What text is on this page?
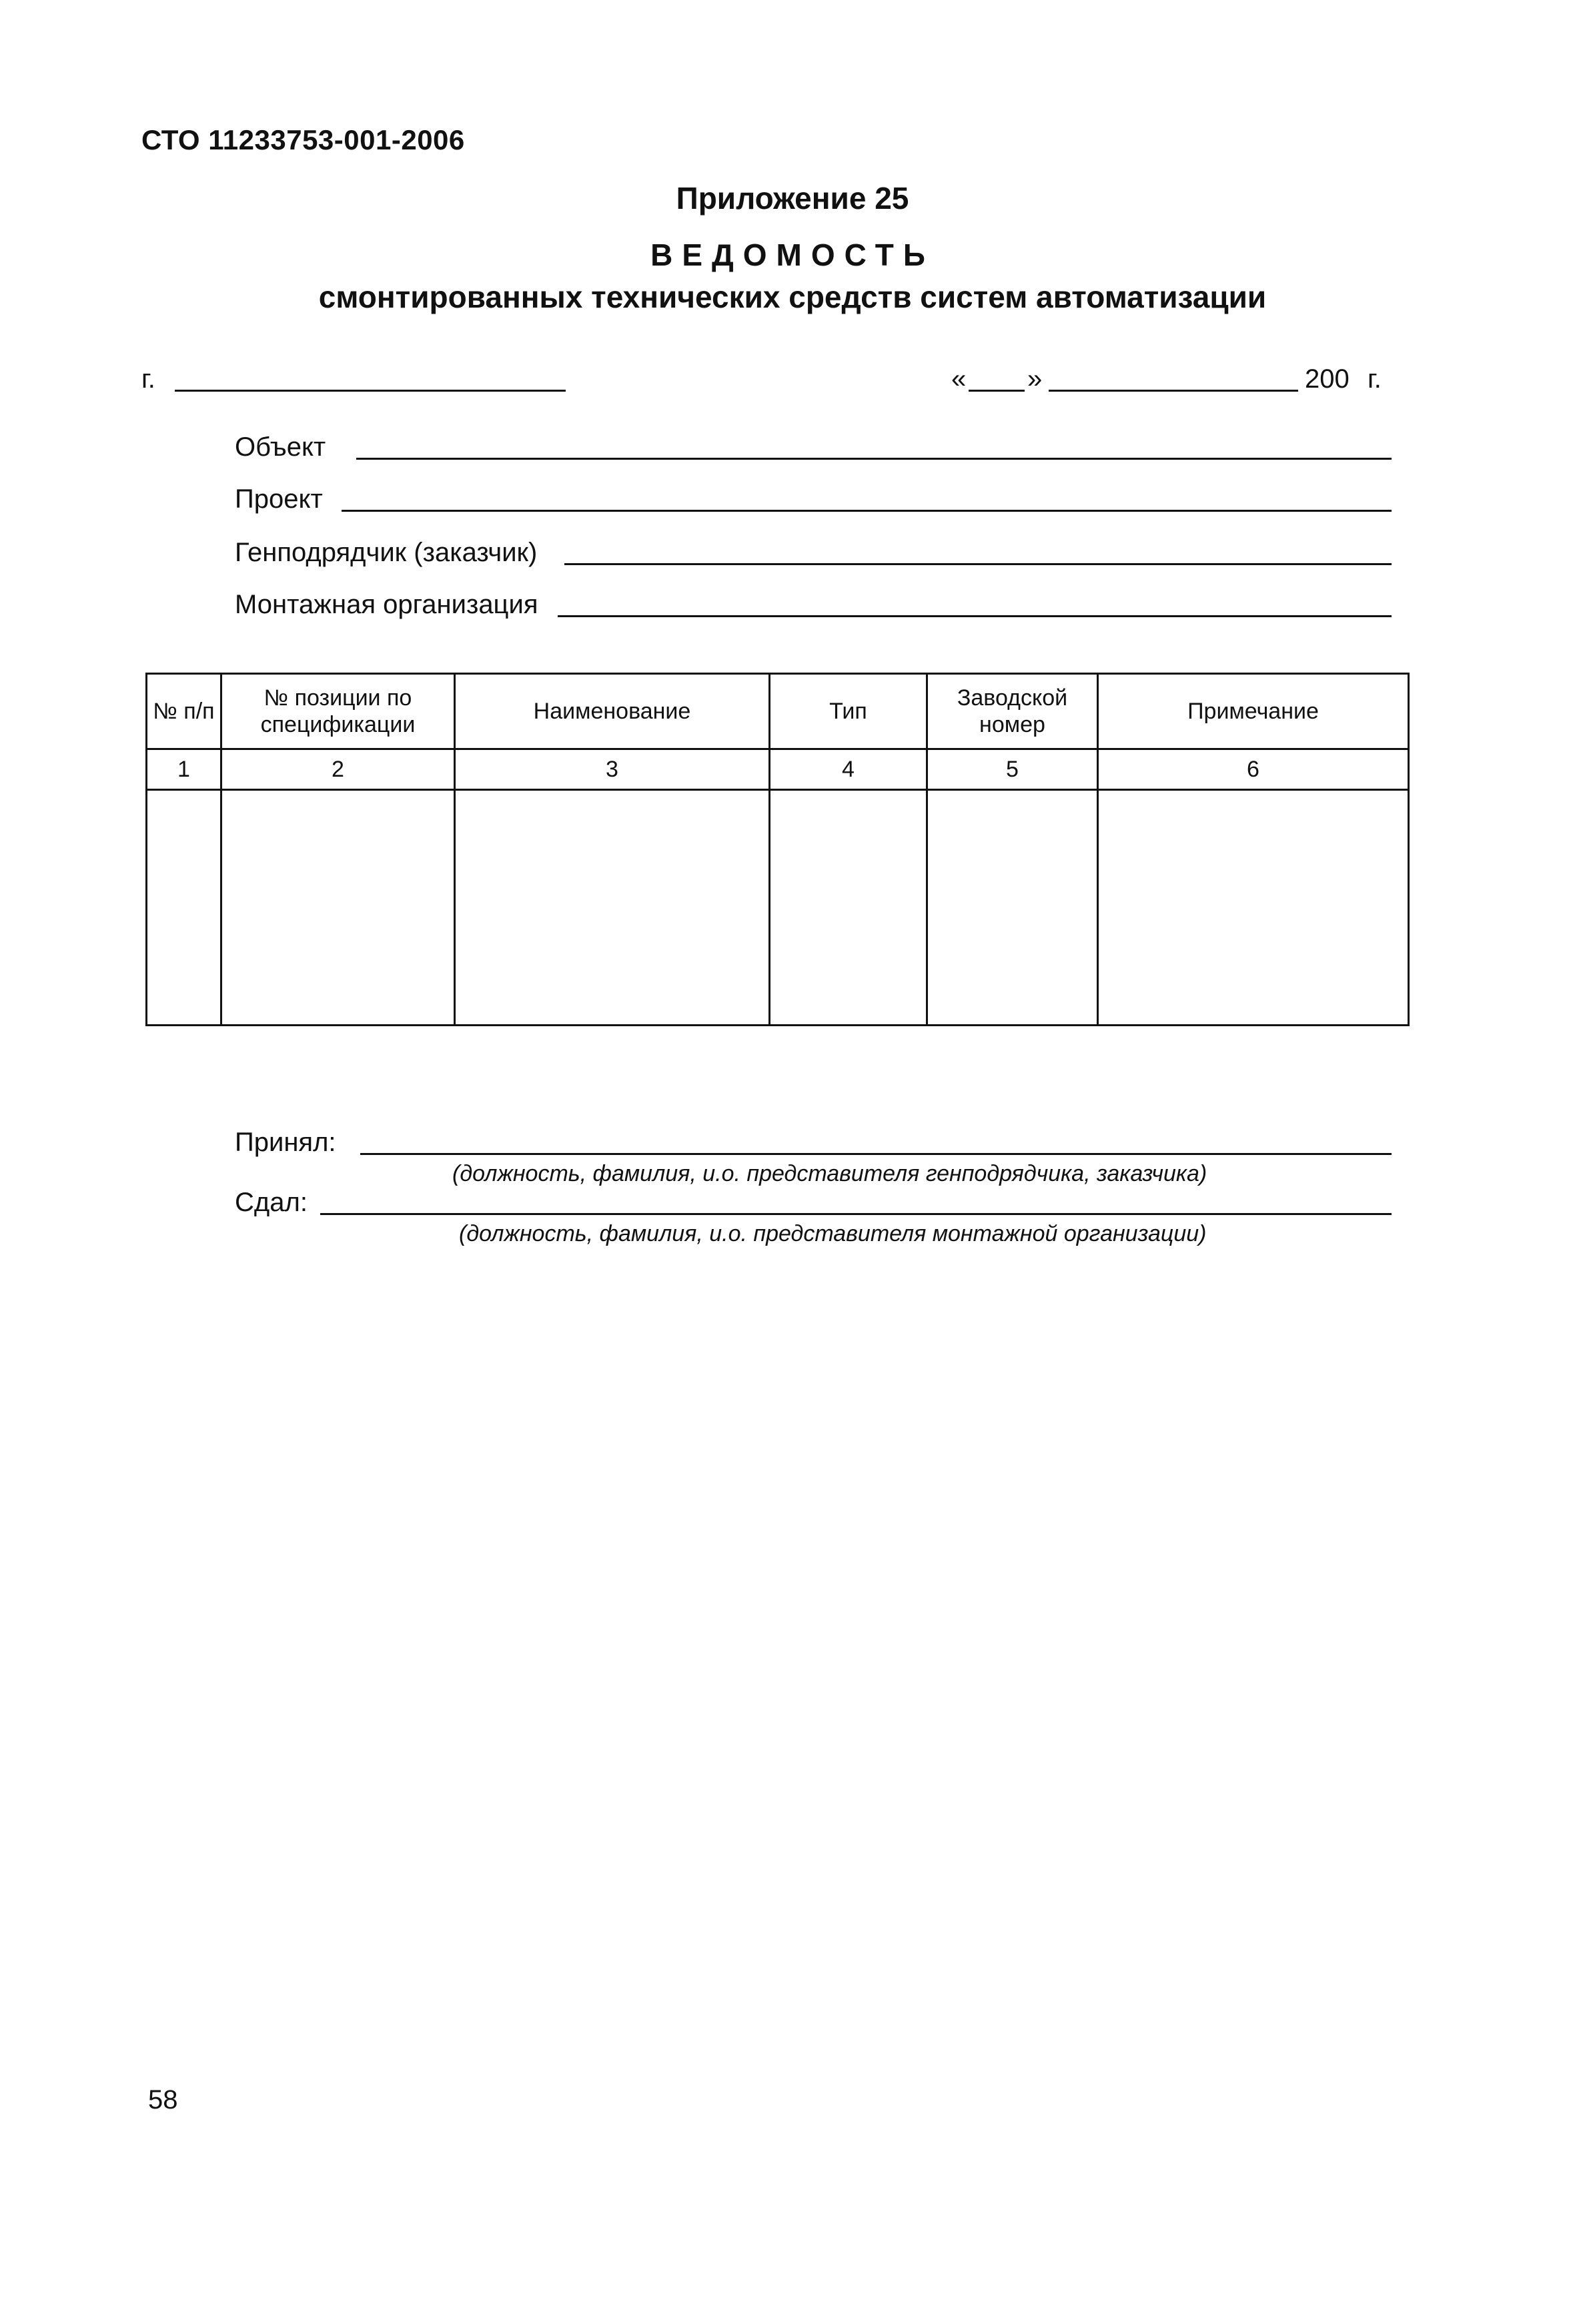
СТО 11233753-001-2006
Приложение 25
ВЕДОМОСТЬ
смонтированных технических средств систем автоматизации
г.	« »	200 г.
Объект
Проект
Генподрядчик (заказчик)
Монтажная организация
№ п/п	№ позиции по спецификации	Наименование	Тип	Заводской номер	Примечание
1	2	3	4	5	6

Принял:
(должность, фамилия, и.о. представителя генподрядчика, заказчика)
Сдал:
(должность, фамилия, и.о. представителя монтажной организации)
58
